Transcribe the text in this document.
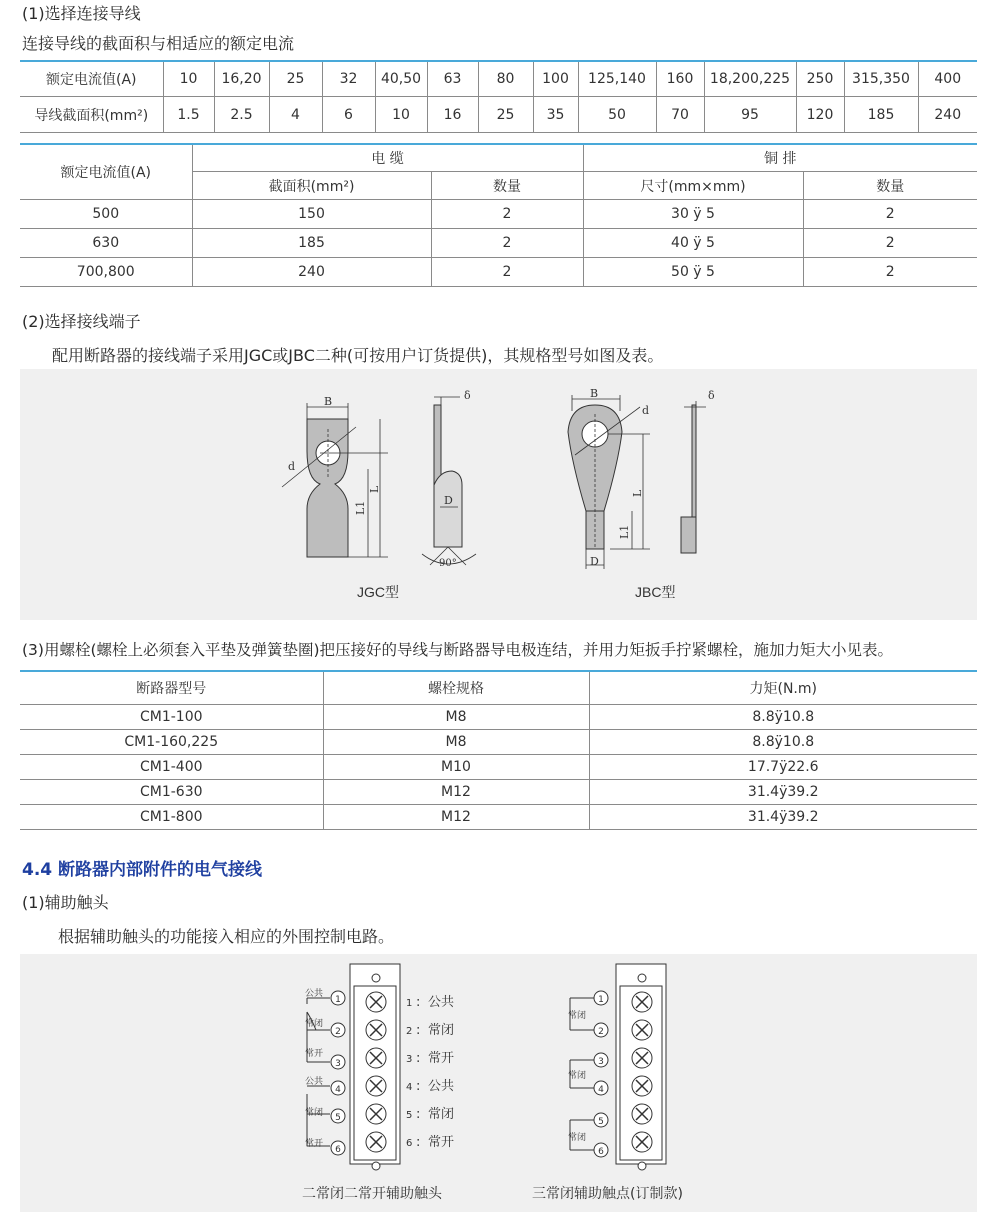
(1)选择连接导线
连接导线的截面积与相适应的额定电流
额定电流值(A)	10	16,20	25	32	40,50	63	80	100	125,140	160	18,200,225	250	315,350	400
导线截面积(mm²)	1.5	2.5	4	6	10	16	25	35	50	70	95	120	185	240
额定电流值(A)	电 缆		铜 排	
	截面积(mm²)	数量	尺寸(mm×mm)	数量
500	150	2	30 ÿ 5	2
630	185	2	40 ÿ 5	2
700,800	240	2	50 ÿ 5	2
(2)选择接线端子
配用断路器的接线端子采用JGC或JBC二种(可按用户订货提供)，其规格型号如图及表。
B
d
L
L1
δ
D
90°
JGC型
B
d
L
L1
D
δ
JBC型
(3)用螺栓(螺栓上必须套入平垫及弹簧垫圈)把压接好的导线与断路器导电极连结，并用力矩扳手拧紧螺栓，施加力矩大小见表。
断路器型号	螺栓规格	力矩(N.m)
CM1-100	M8	8.8ÿ10.8
CM1-160,225	M8	8.8ÿ10.8
CM1-400	M10	17.7ÿ22.6
CM1-630	M12	31.4ÿ39.2
CM1-800	M12	31.4ÿ39.2
4.4 断路器内部附件的电气接线
(1)辅助触头
根据辅助触头的功能接入相应的外围控制电路。
1
2
3
4
5
6
公共
常闭
常开
公共
常闭
常开
1
2
3
4
5
6
:
:
:
:
:
:
公共
常闭
常开
公共
常闭
常开
1
2
3
4
5
6
常闭
常闭
常闭
二常闭二常开辅助触头	三常闭辅助触点(订制款)
